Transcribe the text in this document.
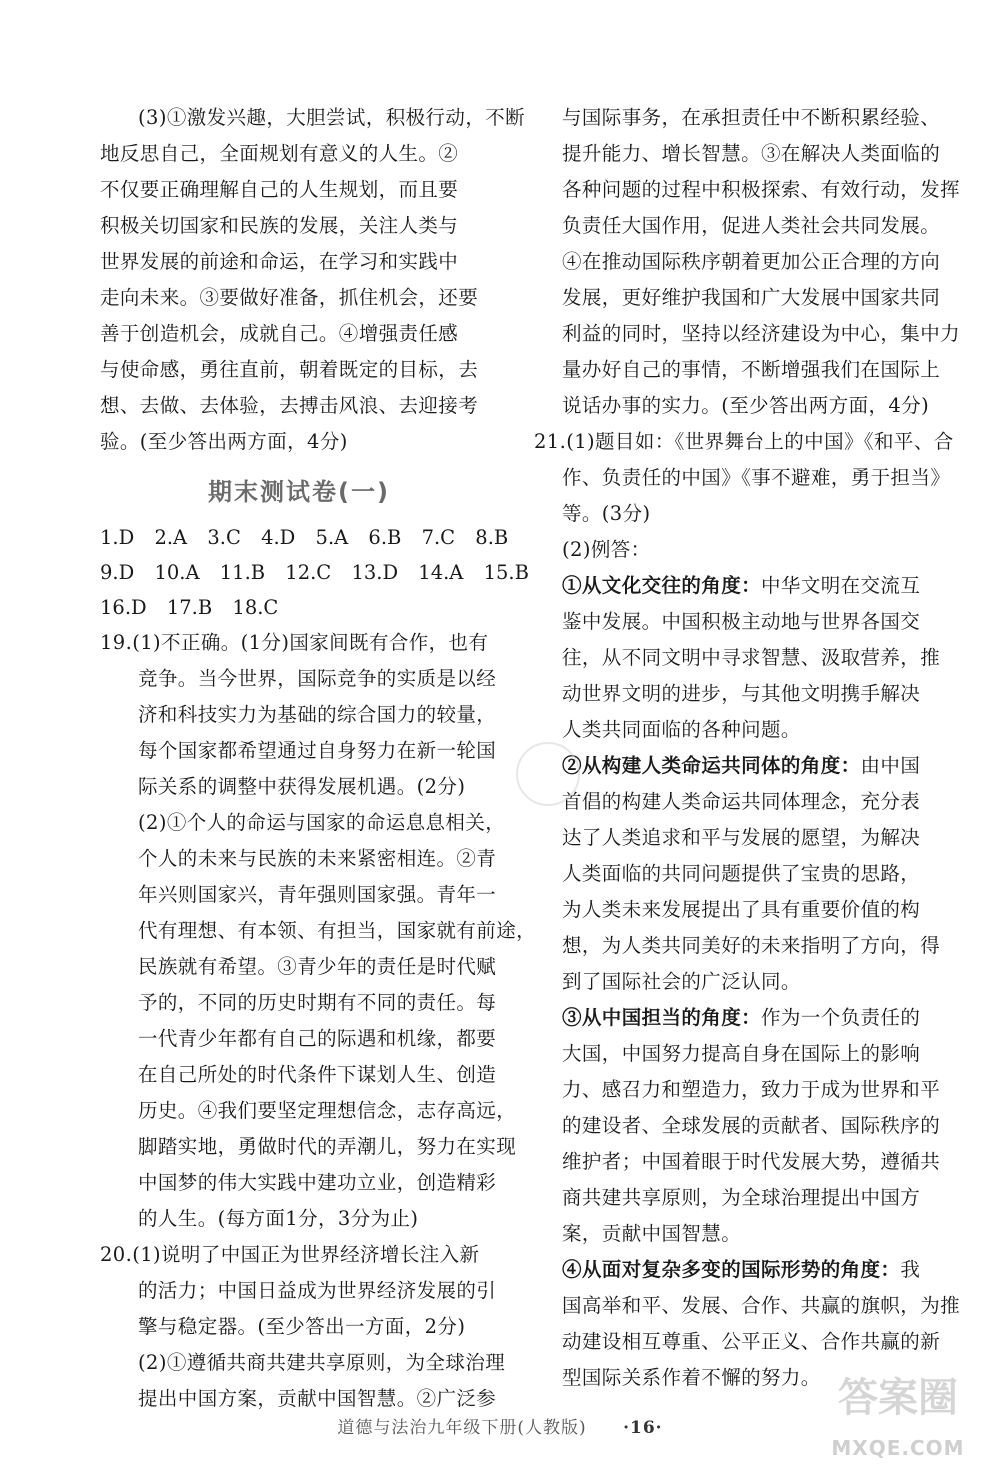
(3)①激发兴趣，大胆尝试，积极行动，不断
地反思自己，全面规划有意义的人生。②
不仅要正确理解自己的人生规划，而且要
积极关切国家和民族的发展，关注人类与
世界发展的前途和命运，在学习和实践中
走向未来。③要做好准备，抓住机会，还要
善于创造机会，成就自己。④增强责任感
与使命感，勇往直前，朝着既定的目标，去
想、去做、去体验，去搏击风浪、去迎接考
验。(至少答出两方面，4分)
期末测试卷(一)
1.D 2.A 3.C 4.D 5.A 6.B 7.C 8.B
9.D 10.A 11.B 12.C 13.D 14.A 15.B
16.D 17.B 18.C
19.(1)不正确。(1分)国家间既有合作，也有
竞争。当今世界，国际竞争的实质是以经
济和科技实力为基础的综合国力的较量，
每个国家都希望通过自身努力在新一轮国
际关系的调整中获得发展机遇。(2分)
(2)①个人的命运与国家的命运息息相关，
个人的未来与民族的未来紧密相连。②青
年兴则国家兴，青年强则国家强。青年一
代有理想、有本领、有担当，国家就有前途，
民族就有希望。③青少年的责任是时代赋
予的，不同的历史时期有不同的责任。每
一代青少年都有自己的际遇和机缘，都要
在自己所处的时代条件下谋划人生、创造
历史。④我们要坚定理想信念，志存高远，
脚踏实地，勇做时代的弄潮儿，努力在实现
中国梦的伟大实践中建功立业，创造精彩
的人生。(每方面1分，3分为止)
20.(1)说明了中国正为世界经济增长注入新
的活力；中国日益成为世界经济发展的引
擎与稳定器。(至少答出一方面，2分)
(2)①遵循共商共建共享原则，为全球治理
提出中国方案，贡献中国智慧。②广泛参
与国际事务，在承担责任中不断积累经验、
提升能力、增长智慧。③在解决人类面临的
各种问题的过程中积极探索、有效行动，发挥
负责任大国作用，促进人类社会共同发展。
④在推动国际秩序朝着更加公正合理的方向
发展，更好维护我国和广大发展中国家共同
利益的同时，坚持以经济建设为中心，集中力
量办好自己的事情，不断增强我们在国际上
说话办事的实力。(至少答出两方面，4分)
21.(1)题目如：《世界舞台上的中国》《和平、合
作、负责任的中国》《事不避难，勇于担当》
等。(3分)
(2)例答：
①从文化交往的角度：中华文明在交流互
鉴中发展。中国积极主动地与世界各国交
往，从不同文明中寻求智慧、汲取营养，推
动世界文明的进步，与其他文明携手解决
人类共同面临的各种问题。
②从构建人类命运共同体的角度：由中国
首倡的构建人类命运共同体理念，充分表
达了人类追求和平与发展的愿望，为解决
人类面临的共同问题提供了宝贵的思路，
为人类未来发展提出了具有重要价值的构
想，为人类共同美好的未来指明了方向，得
到了国际社会的广泛认同。
③从中国担当的角度：作为一个负责任的
大国，中国努力提高自身在国际上的影响
力、感召力和塑造力，致力于成为世界和平
的建设者、全球发展的贡献者、国际秩序的
维护者；中国着眼于时代发展大势，遵循共
商共建共享原则，为全球治理提出中国方
案，贡献中国智慧。
④从面对复杂多变的国际形势的角度：我
国高举和平、发展、合作、共赢的旗帜，为推
动建设相互尊重、公平正义、合作共赢的新
型国际关系作着不懈的努力。
道德与法治九年级下册(人教版) ·16·
答案圈
MXQE.COM
